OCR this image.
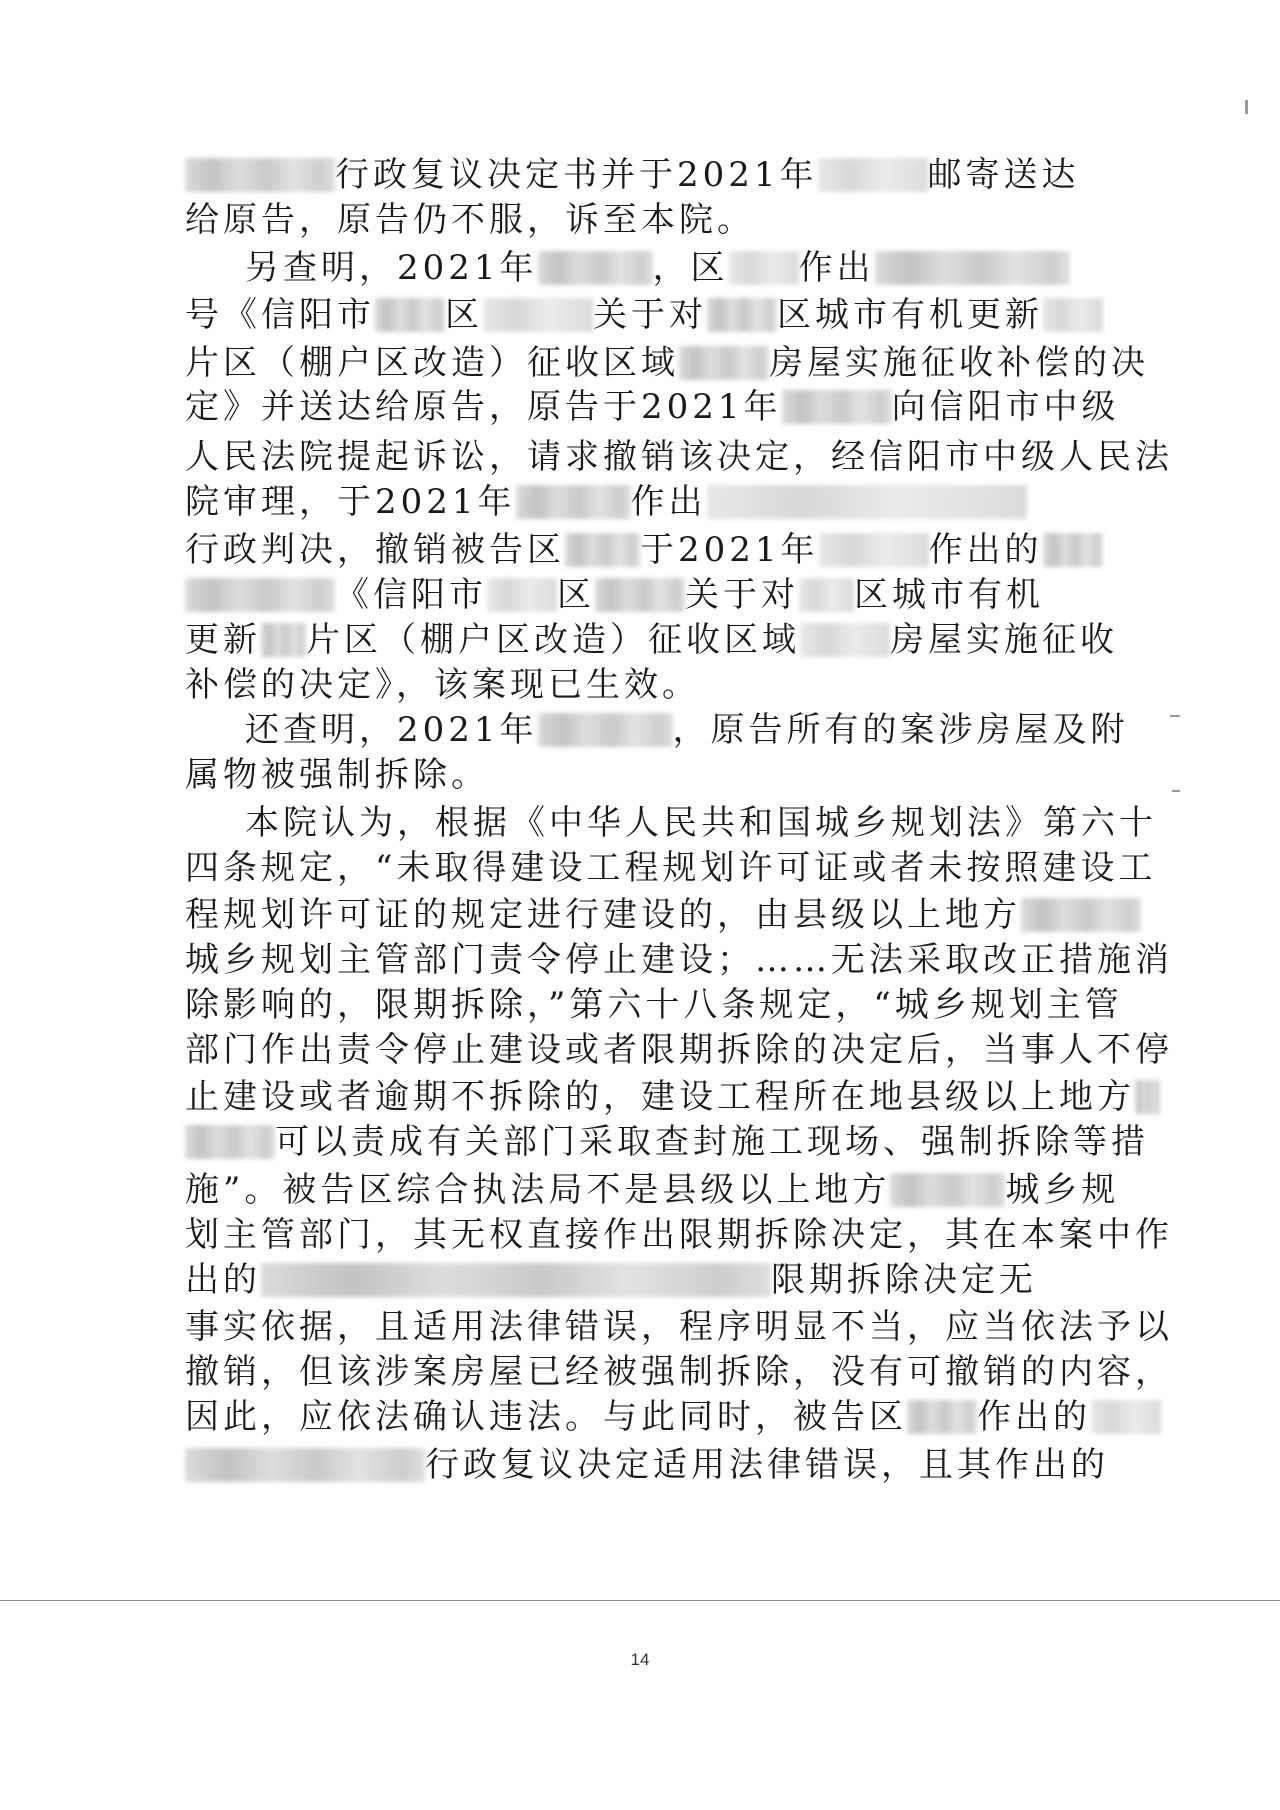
行政复议决定书并于2021年	邮寄送达
给原告，原告仍不服，诉至本院。
另查明，2021年	，区 作出
号《信阳市 区	关于对 区城市有机更新
片区（棚户区改造）征收区域	房屋实施征收补偿的决
定》并送达给原告，原告于2021年	向信阳市中级
人民法院提起诉讼，请求撤销该决定，经信阳市中级人民法
院审理，于2021年	作出
行政判决，撤销被告区 于2021年	作出的
《信阳市 区	关于对 区城市有机
更新 片区（棚户区改造）征收区域	房屋实施征收
补偿的决定》，该案现已生效。
还查明，2021年	，原告所有的案涉房屋及附
属物被强制拆除。
本院认为，根据《中华人民共和国城乡规划法》第六十
四条规定，“未取得建设工程规划许可证或者未按照建设工
程规划许可证的规定进行建设的，由县级以上地方
城乡规划主管部门责令停止建设；……无法采取改正措施消
除影响的，限期拆除，”第六十八条规定，“城乡规划主管
部门作出责令停止建设或者限期拆除的决定后，当事人不停
止建设或者逾期不拆除的，建设工程所在地县级以上地方
可以责成有关部门采取查封施工现场、强制拆除等措
施”。被告区综合执法局不是县级以上地方	城乡规
划主管部门，其无权直接作出限期拆除决定，其在本案中作
出的	限期拆除决定无
事实依据，且适用法律错误，程序明显不当，应当依法予以
撤销，但该涉案房屋已经被强制拆除，没有可撤销的内容，
因此，应依法确认违法。与此同时，被告区 作出的
行政复议决定适用法律错误，且其作出的
14
